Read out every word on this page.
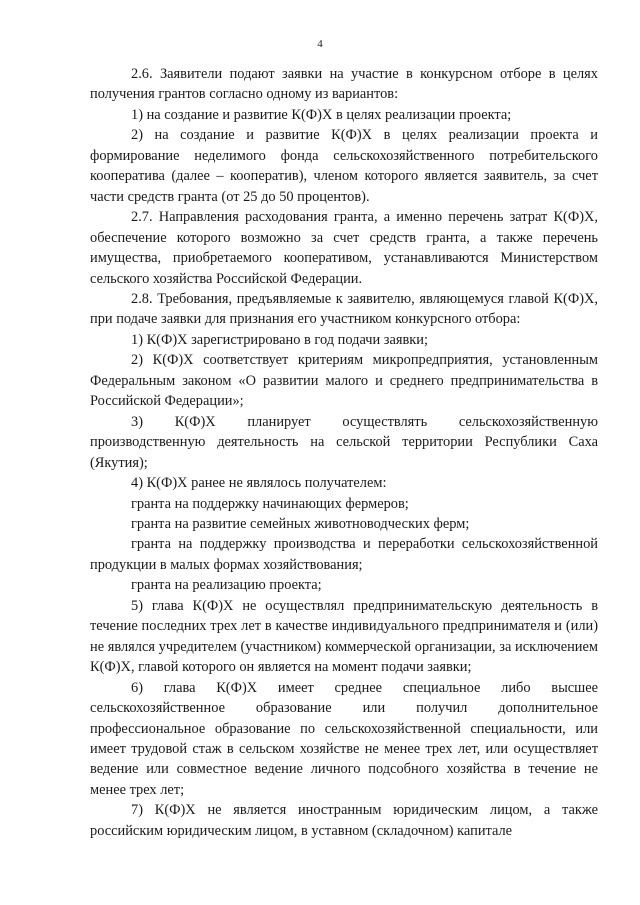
4

2.6. Заявители подают заявки на участие в конкурсном отборе в целях получения грантов согласно одному из вариантов:

1) на создание и развитие К(Ф)Х в целях реализации проекта;

2) на создание и развитие К(Ф)Х в целях реализации проекта и формирование неделимого фонда сельскохозяйственного потребительского кооператива (далее – кооператив), членом которого является заявитель, за счет части средств гранта (от 25 до 50 процентов).

2.7. Направления расходования гранта, а именно перечень затрат К(Ф)Х, обеспечение которого возможно за счет средств гранта, а также перечень имущества, приобретаемого кооперативом, устанавливаются Министерством сельского хозяйства Российской Федерации.

2.8. Требования, предъявляемые к заявителю, являющемуся главой К(Ф)Х, при подаче заявки для признания его участником конкурсного отбора:

1) К(Ф)Х зарегистрировано в год подачи заявки;

2) К(Ф)Х соответствует критериям микропредприятия, установленным Федеральным законом «О развитии малого и среднего предпринимательства в Российской Федерации»;

3) К(Ф)Х планирует осуществлять сельскохозяйственную производственную деятельность на сельской территории Республики Саха (Якутия);

4) К(Ф)Х ранее не являлось получателем:

гранта на поддержку начинающих фермеров;

гранта на развитие семейных животноводческих ферм;

гранта на поддержку производства и переработки сельскохозяйственной продукции в малых формах хозяйствования;

гранта на реализацию проекта;

5) глава К(Ф)Х не осуществлял предпринимательскую деятельность в течение последних трех лет в качестве индивидуального предпринимателя и (или) не являлся учредителем (участником) коммерческой организации, за исключением К(Ф)Х, главой которого он является на момент подачи заявки;

6) глава К(Ф)Х имеет среднее специальное либо высшее сельскохозяйственное образование или получил дополнительное профессиональное образование по сельскохозяйственной специальности, или имеет трудовой стаж в сельском хозяйстве не менее трех лет, или осуществляет ведение или совместное ведение личного подсобного хозяйства в течение не менее трех лет;

7) К(Ф)Х не является иностранным юридическим лицом, а также российским юридическим лицом, в уставном (складочном) капитале
